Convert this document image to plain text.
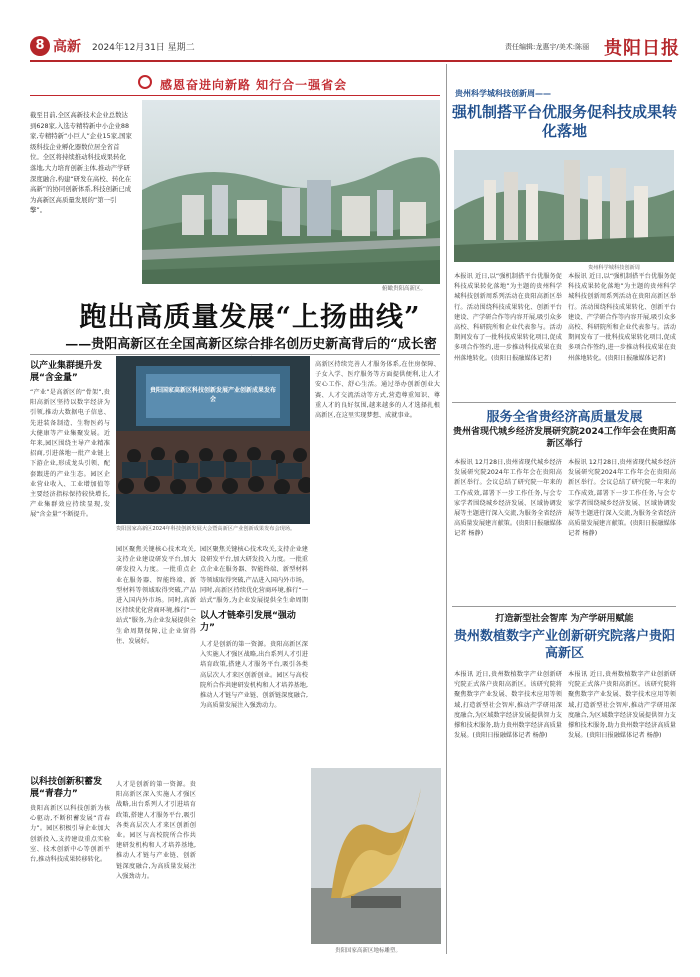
8 高新 2024年12月31日 星期二	责任编辑:龙惠宇/美术:陈丽 贵阳日报
感恩奋进向新路 知行合一强省会
截至目前,全区高新技术企业总数达到628家,入选专精特新中小企业88家,专精特新“小巨人”企业15家,国家级科技企业孵化器数位居全省首位。全区将持续推动科技成果转化落地,大力培育创新主体,推动产学研深度融合,构建“研发在高校、转化在高新”的协同创新体系,科技创新已成为高新区高质量发展的“第一引擎”。
俯瞰贵阳高新区。
跑出高质量发展“上扬曲线”
——贵阳高新区在全国高新区综合排名创历史新高背后的“成长密
以产业集群提升发展“含金量”
“产业”是高新区的“骨架”,贵阳高新区坚持以数字经济为引领,推动大数据电子信息、先进装备制造、生物医药与大健康等产业集聚发展。近年来,园区围绕主导产业精准招商,引进落地一批产业链上下游企业,形成龙头引领、配套跟进的产业生态。园区企业营业收入、工业增加值等主要经济指标保持较快增长,产业集群效应持续显现,发展“含金量”不断提升。
贵阳国家高新区科技创新发展产业创新成果发布会
贵阳国家高新区2024年科技创新发展大会暨高新区产业创新成果发布会现场。
园区聚焦关键核心技术攻关,支持企业建设研发平台,加大研发投入力度。一批重点企业在服务器、智能终端、新型材料等领域取得突破,产品进入国内外市场。同时,高新区持续优化营商环境,推行“一站式”服务,为企业发展提供全生命周期保障,让企业留得住、发展好。
园区聚焦关键核心技术攻关,支持企业建设研发平台,加大研发投入力度。一批重点企业在服务器、智能终端、新型材料等领域取得突破,产品进入国内外市场。同时,高新区持续优化营商环境,推行“一站式”服务,为企业发展提供全生命周期
以人才链牵引发展“强动力”
人才是创新的第一资源。贵阳高新区深入实施人才强区战略,出台系列人才引进培育政策,搭建人才服务平台,吸引各类高层次人才来区创新创业。园区与高校院所合作共建研发机构和人才培养基地,推动人才链与产业链、创新链深度融合,为高质量发展注入强劲动力。
高新区持续完善人才服务体系,在住房保障、子女入学、医疗服务等方面提供便利,让人才安心工作、舒心生活。通过举办创新创业大赛、人才交流活动等方式,营造尊重知识、尊重人才的良好氛围,越来越多的人才选择扎根高新区,在这里实现梦想、成就事业。
以科技创新积蓄发展“青春力”
贵阳高新区以科技创新为核心驱动,不断积蓄发展“青春力”。园区积极引导企业加大创新投入,支持建设重点实验室、技术创新中心等创新平台,推动科技成果转移转化。
人才是创新的第一资源。贵阳高新区深入实施人才强区战略,出台系列人才引进培育政策,搭建人才服务平台,吸引各类高层次人才来区创新创业。园区与高校院所合作共建研发机构和人才培养基地,推动人才链与产业链、创新链深度融合,为高质量发展注入强劲动力。
贵阳国家高新区地标雕塑。
贵州科学城科技创新周——
强机制搭平台优服务促科技成果转化落地
贵州科学城科技创新周
本报讯 近日,以“强机制搭平台优服务促科技成果转化落地”为主题的贵州科学城科技创新周系列活动在贵阳高新区举行。活动围绕科技成果转化、创新平台建设、产学研合作等内容开展,吸引众多高校、科研院所和企业代表参与。活动期间发布了一批科技成果转化项目,促成多项合作签约,进一步推动科技成果在贵州落地转化。(贵阳日报融媒体记者)
本报讯 近日,以“强机制搭平台优服务促科技成果转化落地”为主题的贵州科学城科技创新周系列活动在贵阳高新区举行。活动围绕科技成果转化、创新平台建设、产学研合作等内容开展,吸引众多高校、科研院所和企业代表参与。活动期间发布了一批科技成果转化项目,促成多项合作签约,进一步推动科技成果在贵州落地转化。(贵阳日报融媒体记者)
服务全省贵经济高质量发展
贵州省现代城乡经济发展研究院2024工作年会在贵阳高新区举行
本报讯 12月28日,贵州省现代城乡经济发展研究院2024年工作年会在贵阳高新区举行。会议总结了研究院一年来的工作成效,部署下一步工作任务,与会专家学者围绕城乡经济发展、区域协调发展等主题进行深入交流,为服务全省经济高质量发展建言献策。(贵阳日报融媒体记者 杨静)
本报讯 12月28日,贵州省现代城乡经济发展研究院2024年工作年会在贵阳高新区举行。会议总结了研究院一年来的工作成效,部署下一步工作任务,与会专家学者围绕城乡经济发展、区域协调发展等主题进行深入交流,为服务全省经济高质量发展建言献策。(贵阳日报融媒体记者 杨静)
打造新型社会智库 为产学研用赋能
贵州数植数字产业创新研究院落户贵阳高新区
本报讯 近日,贵州数植数字产业创新研究院正式落户贵阳高新区。该研究院将聚焦数字产业发展、数字技术应用等领域,打造新型社会智库,推动产学研用深度融合,为区域数字经济发展提供智力支撑和技术服务,助力贵州数字经济高质量发展。(贵阳日报融媒体记者 杨静)
本报讯 近日,贵州数植数字产业创新研究院正式落户贵阳高新区。该研究院将聚焦数字产业发展、数字技术应用等领域,打造新型社会智库,推动产学研用深度融合,为区域数字经济发展提供智力支撑和技术服务,助力贵州数字经济高质量发展。(贵阳日报融媒体记者 杨静)
